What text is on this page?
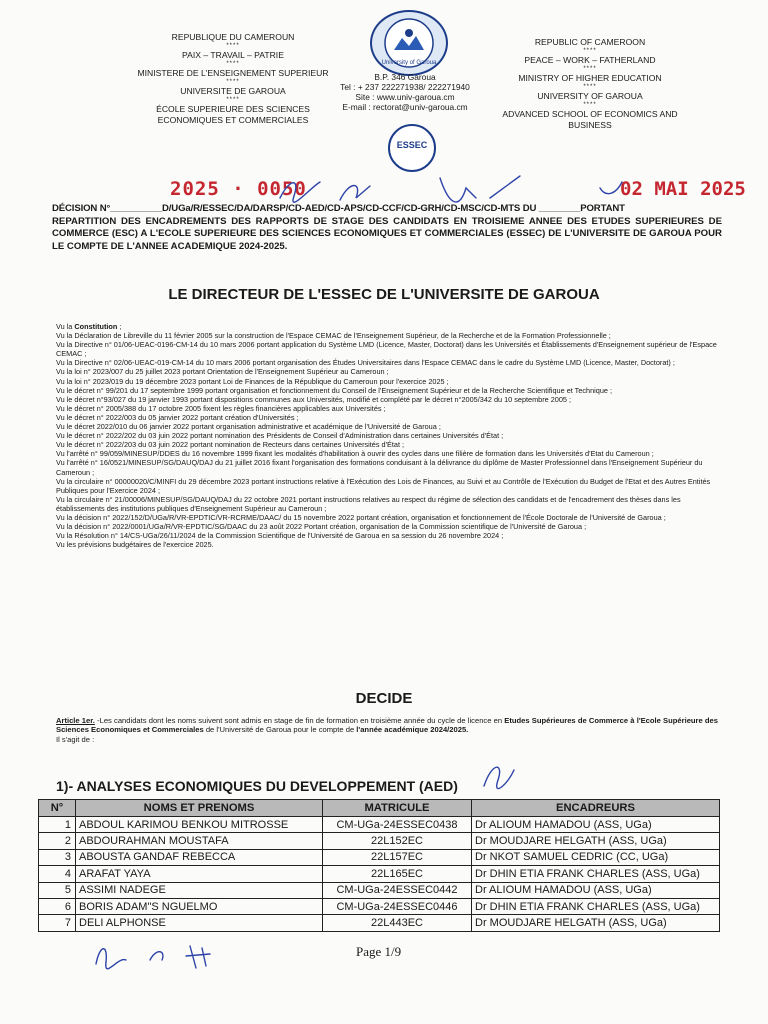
REPUBLIQUE DU CAMEROUN
****
PAIX – TRAVAIL – PATRIE
****
MINISTERE DE L'ENSEIGNEMENT SUPERIEUR
****
UNIVERSITE DE GAROUA
****
ÉCOLE SUPERIEURE DES SCIENCES ECONOMIQUES ET COMMERCIALES
REPUBLIC OF CAMEROON
****
PEACE – WORK – FATHERLAND
****
MINISTRY OF HIGHER EDUCATION
****
UNIVERSITY OF GAROUA
****
ADVANCED SCHOOL OF ECONOMICS AND BUSINESS
University of Garoua
B.P. 346 Garoua
Tel : + 237 222271938/ 222271940
Site : www.univ-garoua.cm
E-mail : rectorat@univ-garoua.cm
ESSEC
2025 · 0050	02 MAI 2025
DÉCISION N°__________D/UGa/R/ESSEC/DA/DARSP/CD-AED/CD-APS/CD-CCF/CD-GRH/CD-MSC/CD-MTS DU ________PORTANT
REPARTITION DES ENCADREMENTS DES RAPPORTS DE STAGE DES CANDIDATS EN TROISIEME ANNEE DES ETUDES SUPERIEURES DE COMMERCE (ESC) A L'ECOLE SUPERIEURE DES SCIENCES ECONOMIQUES ET COMMERCIALES (ESSEC) DE L'UNIVERSITE DE GAROUA POUR LE COMPTE DE L'ANNEE ACADEMIQUE 2024-2025.
LE DIRECTEUR DE L'ESSEC DE L'UNIVERSITE DE GAROUA
Vu la Constitution ;
Vu la Déclaration de Libreville du 11 février 2005 sur la construction de l'Espace CEMAC de l'Enseignement Supérieur, de la Recherche et de la Formation Professionnelle ;
Vu la Directive n° 01/06-UEAC-0196-CM-14 du 10 mars 2006 portant application du Système LMD (Licence, Master, Doctorat) dans les Universités et Établissements d'Enseignement supérieur de l'Espace CEMAC ;
Vu la Directive n° 02/06-UEAC-019-CM-14 du 10 mars 2006 portant organisation des Études Universitaires dans l'Espace CEMAC dans le cadre du Système LMD (Licence, Master, Doctorat) ;
Vu la loi n° 2023/007 du 25 juillet 2023 portant Orientation de l'Enseignement Supérieur au Cameroun ;
Vu la loi n° 2023/019 du 19 décembre 2023 portant Loi de Finances de la République du Cameroun pour l'exercice 2025 ;
Vu le décret n° 99/201 du 17 septembre 1999 portant organisation et fonctionnement du Conseil de l'Enseignement Supérieur et de la Recherche Scientifique et Technique ;
Vu le décret n°93/027 du 19 janvier 1993 portant dispositions communes aux Universités, modifié et complété par le décret n°2005/342 du 10 septembre 2005 ;
Vu le décret n° 2005/388 du 17 octobre 2005 fixent les règles financières applicables aux Universités ;
Vu le décret n° 2022/003 du 05 janvier 2022 portant création d'Universités ;
Vu le décret 2022/010 du 06 janvier 2022 portant organisation administrative et académique de l'Université de Garoua ;
Vu le décret n° 2022/202 du 03 juin 2022 portant nomination des Présidents de Conseil d'Administration dans certaines Universités d'État ;
Vu le décret n° 2022/203 du 03 juin 2022 portant nomination de Recteurs dans certaines Universités d'État ;
Vu l'arrêté n° 99/059/MINESUP/DDES du 16 novembre 1999 fixant les modalités d'habilitation à ouvrir des cycles dans une filière de formation dans les Universités d'Etat du Cameroun ;
Vu l'arrêté n° 16/0521/MINESUP/SG/DAUQ/DAJ du 21 juillet 2016 fixant l'organisation des formations conduisant à la délivrance du diplôme de Master Professionnel dans l'Enseignement Supérieur du Cameroun ;
Vu la circulaire n° 00000020/C/MINFI du 29 décembre 2023 portant instructions relative à l'Exécution des Lois de Finances, au Suivi et au Contrôle de l'Exécution du Budget de l'Etat et des Autres Entités Publiques pour l'Exercice 2024 ;
Vu la circulaire n° 21/00006/MINESUP/SG/DAUQ/DAJ du 22 octobre 2021 portant instructions relatives au respect du régime de sélection des candidats et de l'encadrement des thèses dans les établissements des institutions publiques d'Enseignement Supérieur au Cameroun ;
Vu la décision n° 2022/152/D/UGa/R/VR-EPDTIC/VR-RCRME/DAAC/ du 15 novembre 2022 portant création, organisation et fonctionnement de l'École Doctorale de l'Université de Garoua ;
Vu la décision n° 2022/0001/UGa/R/VR-EPDTIC/SG/DAAC du 23 août 2022 Portant création, organisation de la Commission scientifique de l'Université de Garoua ;
Vu la Résolution n° 14/CS-UGa/26/11/2024 de la Commission Scientifique de l'Université de Garoua en sa session du 26 novembre 2024 ;
Vu les prévisions budgétaires de l'exercice 2025.
DECIDE
Article 1er. -Les candidats dont les noms suivent sont admis en stage de fin de formation en troisième année du cycle de licence en Etudes Supérieures de Commerce à l'Ecole Supérieure des Sciences Economiques et Commerciales de l'Université de Garoua pour le compte de l'année académique 2024/2025.
Il s'agit de :
1)- ANALYSES ECONOMIQUES DU DEVELOPPEMENT (AED)
N°	NOMS ET PRENOMS	MATRICULE	ENCADREURS
1	ABDOUL KARIMOU BENKOU MITROSSE	CM-UGa-24ESSEC0438	Dr ALIOUM HAMADOU (ASS, UGa)
2	ABDOURAHMAN MOUSTAFA	22L152EC	Dr MOUDJARE HELGATH (ASS, UGa)
3	ABOUSTA GANDAF REBECCA	22L157EC	Dr NKOT SAMUEL CEDRIC (CC, UGa)
4	ARAFAT YAYA	22L165EC	Dr DHIN ETIA FRANK CHARLES (ASS, UGa)
5	ASSIMI NADEGE	CM-UGa-24ESSEC0442	Dr ALIOUM HAMADOU (ASS, UGa)
6	BORIS ADAM"S NGUELMO	CM-UGa-24ESSEC0446	Dr DHIN ETIA FRANK CHARLES (ASS, UGa)
7	DELI ALPHONSE	22L443EC	Dr MOUDJARE HELGATH (ASS, UGa)
Page 1/9
